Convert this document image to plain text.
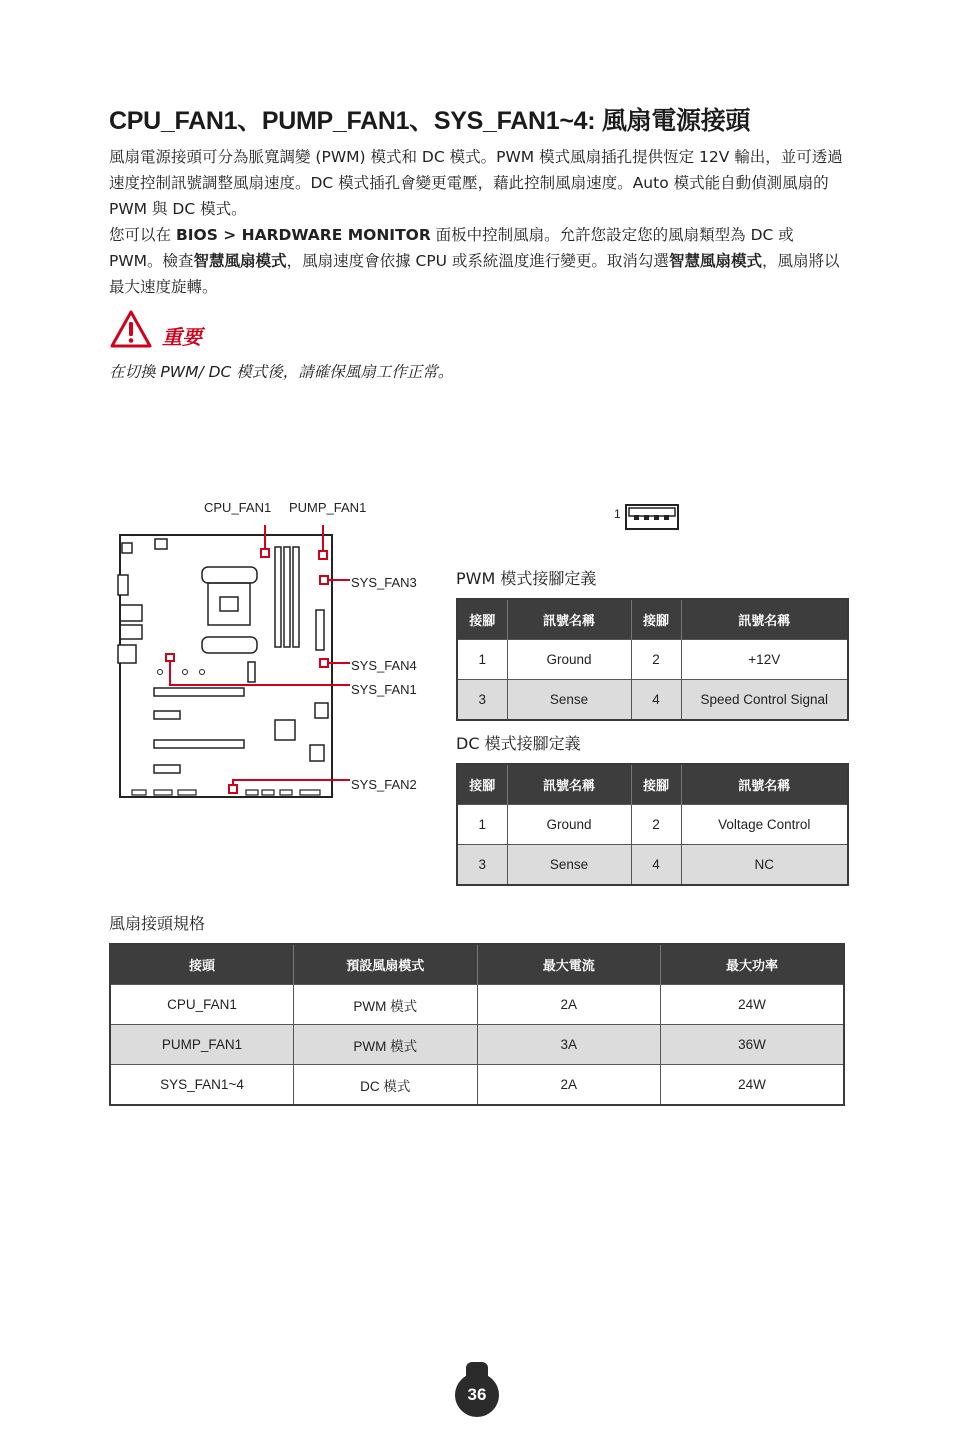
CPU_FAN1、PUMP_FAN1、SYS_FAN1~4: 風扇電源接頭
風扇電源接頭可分為脈寬調變 (PWM) 模式和 DC 模式。PWM 模式風扇插孔提供恆定 12V 輸出，並可透過速度控制訊號調整風扇速度。DC 模式插孔會變更電壓，藉此控制風扇速度。Auto 模式能自動偵測風扇的 PWM 與 DC 模式。
您可以在 BIOS > HARDWARE MONITOR 面板中控制風扇。允許您設定您的風扇類型為 DC 或 PWM。檢查智慧風扇模式，風扇速度會依據 CPU 或系統溫度進行變更。取消勾選智慧風扇模式，風扇將以最大速度旋轉。
重要
在切換 PWM/ DC 模式後，請確保風扇工作正常。
CPU_FAN1 PUMP_FAN1
SYS_FAN3
SYS_FAN4
SYS_FAN1
SYS_FAN2
1
PWM 模式接腳定義
接腳	訊號名稱	接腳	訊號名稱
1	Ground	2	+12V
3	Sense	4	Speed Control Signal
DC 模式接腳定義
接腳	訊號名稱	接腳	訊號名稱
1	Ground	2	Voltage Control
3	Sense	4	NC
風扇接頭規格
接頭	預設風扇模式	最大電流	最大功率
CPU_FAN1	PWM 模式	2A	24W
PUMP_FAN1	PWM 模式	3A	36W
SYS_FAN1~4	DC 模式	2A	24W
36
